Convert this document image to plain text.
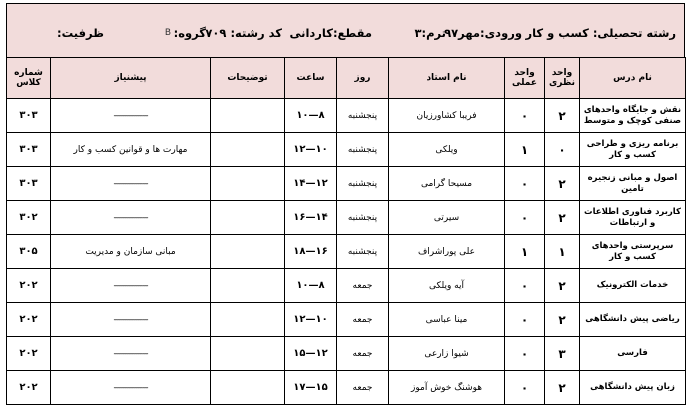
رشته تحصیلی: کسب و کار
ورودی:مهر۹۷
ترم:۳
مقطع:کاردانی
کد رشته: ۷۰۹
گروه:
B
ظرفیت:
نام درس	واحد نظری	واحد عملی	نام استاد	روز	ساعت	توضیحات	پیشنیاز	شماره کلاس
نقش و جایگاه واحدهای صنفی کوچک و متوسط	۲	۰	فریبا کشاورزیان	پنجشنبه	۸—۱۰		------------------	۳۰۳
برنامه ریزی و طراحی کسب و کار	۰	۱	ویلکی	پنجشنبه	۱۰—۱۲		مهارت ها و قوانین کسب و کار	۳۰۳
اصول و مبانی زنجیره تامین	۲	۰	مسیحا گرامی	پنجشنبه	۱۲—۱۴		------------------	۳۰۳
کاربرد فناوری اطلاعات و ارتباطات	۲	۰	سیرتی	پنجشنبه	۱۴—۱۶		------------------	۳۰۲
سرپرستی واحدهای کسب و کار	۱	۱	علی پوراشراف	پنجشنبه	۱۶—۱۸		مبانی سازمان و مدیریت	۳۰۵
خدمات الکترونیک	۲	۰	آیه ویلکی	جمعه	۸—۱۰		------------------	۲۰۲
ریاضی پیش دانشگاهی	۲	۰	مینا عباسی	جمعه	۱۰—۱۲		------------------	۲۰۲
فارسی	۳	۰	شیوا زارعی	جمعه	۱۲—۱۵		------------------	۲۰۲
زبان پیش دانشگاهی	۲	۰	هوشنگ خوش آموز	جمعه	۱۵—۱۷		------------------	۲۰۲
